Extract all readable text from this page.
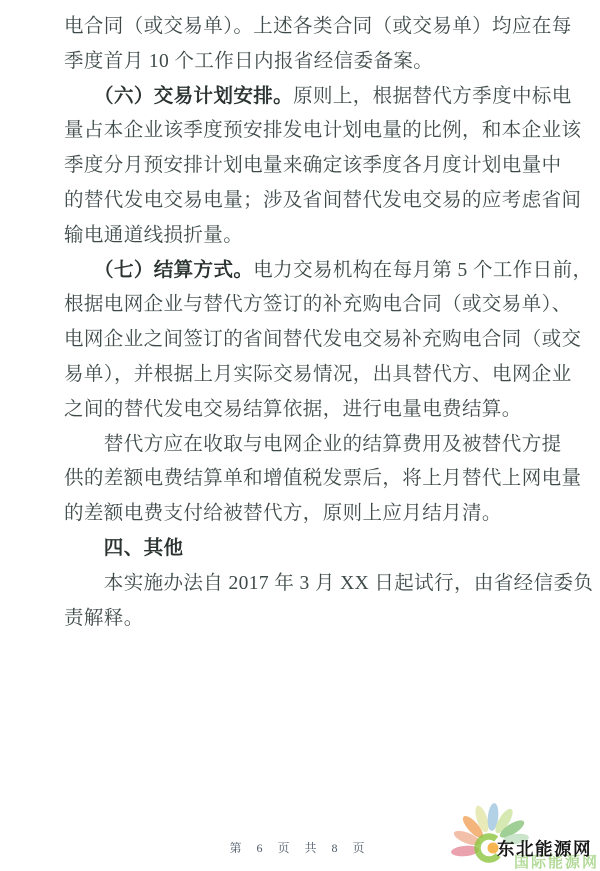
电合同（或交易单）。上述各类合同（或交易单）均应在每
季度首月 10 个工作日内报省经信委备案。
　　（六）交易计划安排。原则上，根据替代方季度中标电
量占本企业该季度预安排发电计划电量的比例，和本企业该
季度分月预安排计划电量来确定该季度各月度计划电量中
的替代发电交易电量；涉及省间替代发电交易的应考虑省间
输电通道线损折量。
　　（七）结算方式。电力交易机构在每月第 5 个工作日前，
根据电网企业与替代方签订的补充购电合同（或交易单）、
电网企业之间签订的省间替代发电交易补充购电合同（或交
易单），并根据上月实际交易情况，出具替代方、电网企业
之间的替代发电交易结算依据，进行电量电费结算。
　　替代方应在收取与电网企业的结算费用及被替代方提
供的差额电费结算单和增值税发票后，将上月替代上网电量
的差额电费支付给被替代方，原则上应月结月清。
　　四、其他
　　本实施办法自 2017 年 3 月 XX 日起试行，由省经信委负
责解释。
第 6 页 共 8 页
国际能源网
东北能源网
